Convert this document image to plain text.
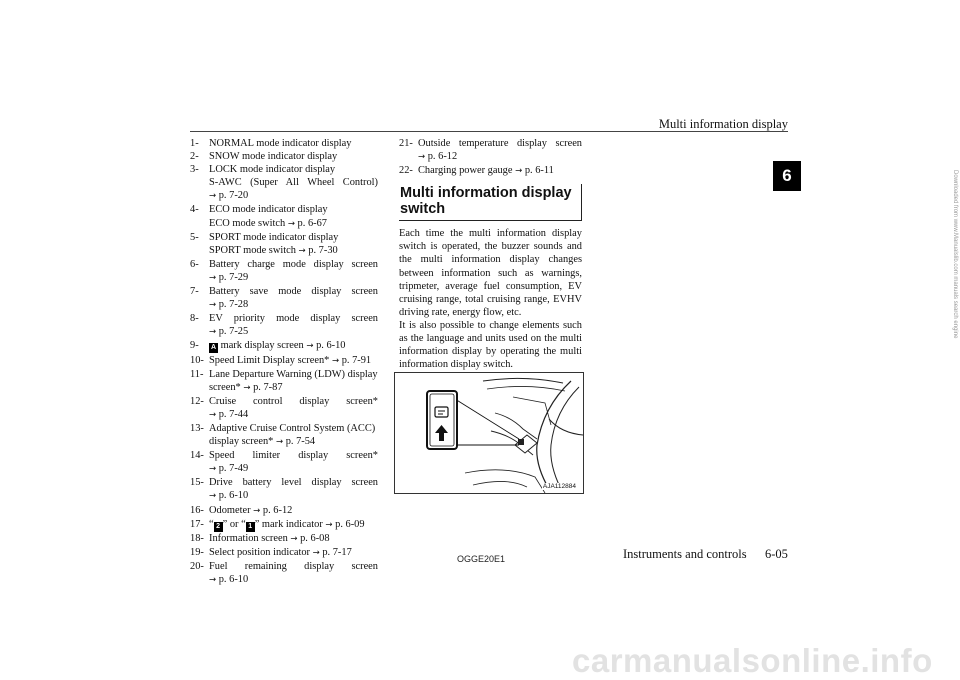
Multi information display
6
1- NORMAL mode indicator display
2- SNOW mode indicator display
3- LOCK mode indicator display
S-AWC (Super All Wheel Control)
→ p. 7-20
4- ECO mode indicator display
ECO mode switch → p. 6-67
5- SPORT mode indicator display
SPORT mode switch → p. 7-30
6- Battery charge mode display screen
→ p. 7-29
7- Battery save mode display screen
→ p. 7-28
8- EV priority mode display screen
→ p. 7-25
9-	A mark display screen → p. 6-10
10- Speed Limit Display screen* → p. 7-91
11- Lane Departure Warning (LDW) display
screen* → p. 7-87
12- Cruise control display screen*
→ p. 7-44
13- Adaptive Cruise Control System (ACC)
display screen* → p. 7-54
14- Speed limiter display screen*
→ p. 7-49
15- Drive battery level display screen
→ p. 6-10
16- Odometer → p. 6-12
17- “ 2 ” or “ 1 ” mark indicator → p. 6-09
18- Information screen → p. 6-08
19- Select position indicator → p. 7-17
20- Fuel remaining display screen
→ p. 6-10
21- Outside temperature display screen
→ p. 6-12
22- Charging power gauge → p. 6-11
Multi information display switch

Each time the multi information display switch is operated, the buzzer sounds and the multi information display changes between information such as warnings, tripmeter, average fuel consumption, EV cruising range, total cruising range, EVHV driving rate, energy flow, etc.

It is also possible to change elements such as the language and units used on the multi information display by operating the multi information display switch.

AJA112884
OGGE20E1	Instruments and controls 6-05
carmanualsonline.info
Downloaded from www.Manualslib.com manuals search engine
